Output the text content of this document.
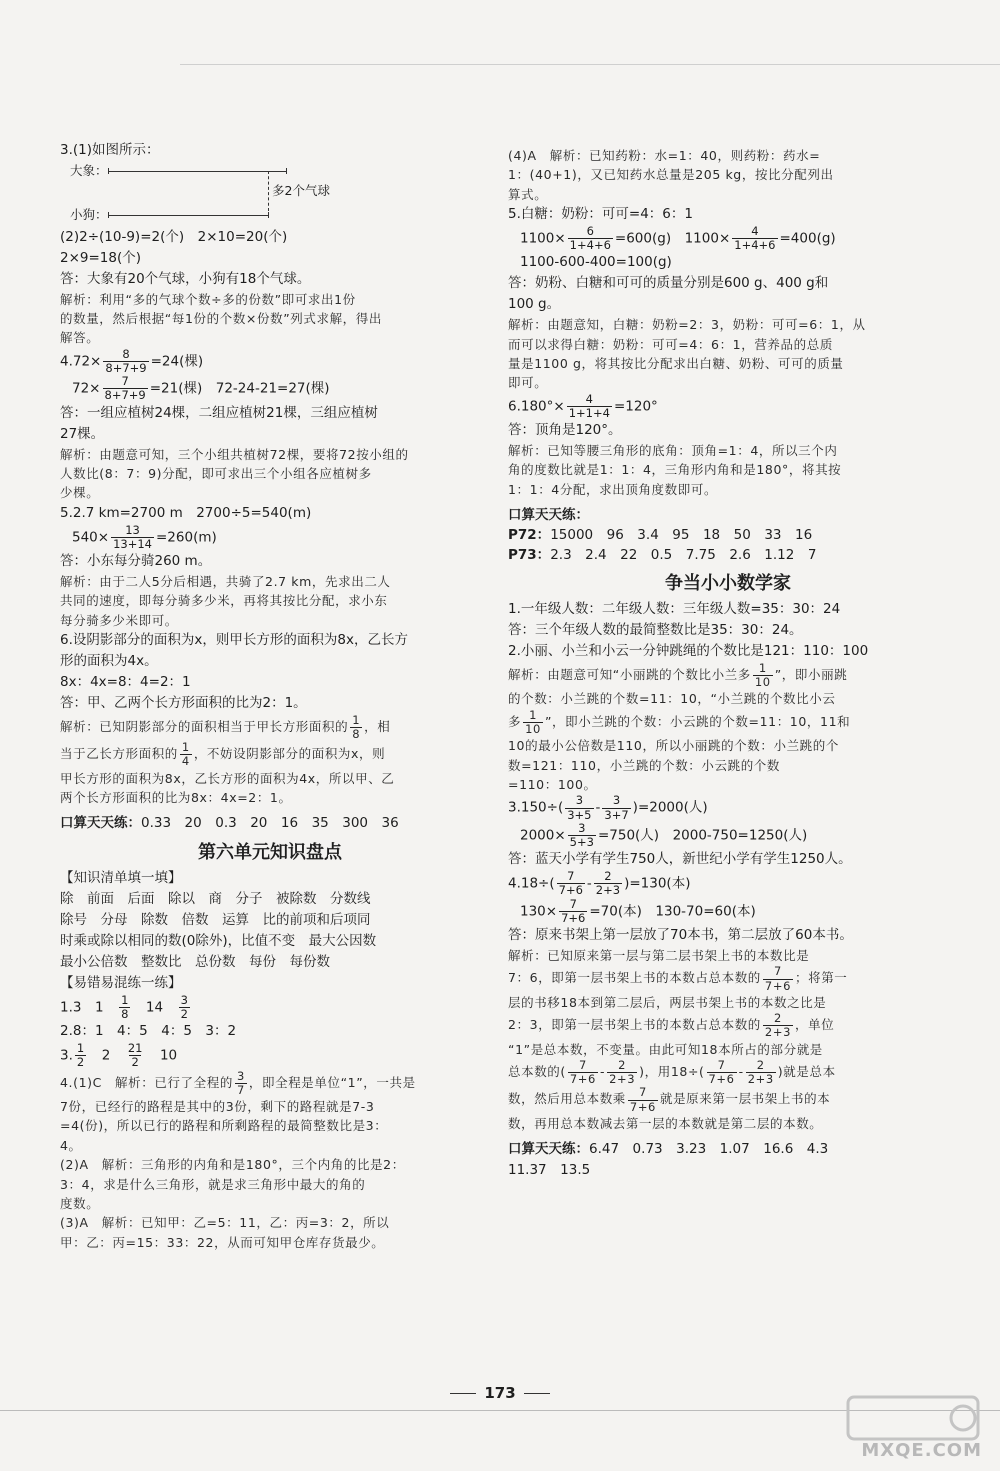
3.(1)如图所示：

大象：
多2个气球
小狗：

(2)2÷(10-9)=2(个)　2×10=20(个)

2×9=18(个)

答：大象有20个气球，小狗有18个气球。

解析：利用“多的气球个数÷多的份数”即可求出1份

的数量，然后根据“每1份的个数×份数”列式求解，得出

解答。

$4.72\times \frac{8}{8+7+9} =24$(棵)

$72\times \frac{7}{8+7+9} =21$(棵)　72-24-21=27(棵)

答：一组应植树24棵，二组应植树21棵，三组应植树

27棵。

解析：由题意可知，三个小组共植树72棵，要将72按小组的

人数比(8：7：9)分配，即可求出三个小组各应植树多

少棵。

5.2.7 km=2700 m　2700÷5=540(m)

$540\times \frac{13}{13+14} =260(m)$

答：小东每分骑260 m。

解析：由于二人5分后相遇，共骑了2.7 km，先求出二人

共同的速度，即每分骑多少米，再将其按比分配，求小东

每分骑多少米即可。

6.设阴影部分的面积为x，则甲长方形的面积为8x，乙长方

形的面积为4x。

8x：4x=8：4=2：1

答：甲、乙两个长方形面积的比为2：1。

解析：已知阴影部分的面积相当于甲长方形面积的 $\frac{1}{8}$ ，相

当于乙长方形面积的 $\frac{1}{4}$ ，不妨设阴影部分的面积为x，则

甲长方形的面积为8x，乙长方形的面积为4x，所以甲、乙

两个长方形面积的比为8x：4x=2：1。

口算天天练：0.33　20　0.3　20　16　35　300　36

第六单元知识盘点

【知识清单填一填】

除　前面　后面　除以　商　分子　被除数　分数线

除号　分母　除数　倍数　运算　比的前项和后项同

时乘或除以相同的数(0除外)，比值不变　最大公因数

最小公倍数　整数比　总份数　每份　每份数

【易错易混练一练】

1.3　1　 $\frac{1}{8}$
　 14　 $\frac{3}{2}$

2.8：1　4：5　4：5　3：2

3. $\frac{1}{2}$
　 2　 $\frac{21}{2}$
　 10

4.(1)C　解析：已行了全程的 $\frac{3}{7}$ ，即全程是单位“1”，一共是

7份，已经行的路程是其中的3份，剩下的路程就是7-3

=4(份)，所以已行的路程和所剩路程的最简整数比是3：

4。

(2)A　解析：三角形的内角和是180°，三个内角的比是2：

3：4，求是什么三角形，就是求三角形中最大的角的

度数。

(3)A　解析：已知甲：乙=5：11，乙：丙=3：2，所以

甲：乙：丙=15：33：22，从而可知甲仓库存货最少。

(4)A　解析：已知药粉：水=1：40，则药粉：药水=

1：(40+1)，又已知药水总量是205 kg，按比分配列出

算式。

5.白糖：奶粉：可可=4：6：1

$1100\times \frac{6}{1+4+6} =600(g)$　$1100\times \frac{4}{1+4+6} =400(g)$

1100-600-400=100(g)

答：奶粉、白糖和可可的质量分别是600 g、400 g和

100 g。

解析：由题意知，白糖：奶粉=2：3，奶粉：可可=6：1，从

而可以求得白糖：奶粉：可可=4：6：1，营养品的总质

量是1100 g，将其按比分配求出白糖、奶粉、可可的质量

即可。

$6.180^\circ\times \frac{4}{1+1+4} =120^\circ$

答：顶角是120°。

解析：已知等腰三角形的底角：顶角=1：4，所以三个内

角的度数比就是1：1：4，三角形内角和是180°，将其按

1：1：4分配，求出顶角度数即可。

口算天天练：

P72：15000　96　3.4　95　18　50　33　16

P73：2.3　2.4　22　0.5　7.75　2.6　1.12　7

争当小小数学家

1.一年级人数：二年级人数：三年级人数=35：30：24

答：三个年级人数的最简整数比是35：30：24。

2.小丽、小兰和小云一分钟跳绳的个数比是121：110：100

解析：由题意可知“小丽跳的个数比小兰多 $\frac{1}{10}$ ”，即小丽跳

的个数：小兰跳的个数=11：10，“小兰跳的个数比小云

多 $\frac{1}{10}$ ”，即小兰跳的个数：小云跳的个数=11：10，11和

10的最小公倍数是110，所以小丽跳的个数：小兰跳的个

数=121：110，小兰跳的个数：小云跳的个数

=110：100。

$3.150\div( \frac{3}{3+5} - \frac{3}{3+7} )=2000$(人)

$2000\times \frac{3}{5+3} =750$(人)　2000-750=1250(人)

答：蓝天小学有学生750人，新世纪小学有学生1250人。

$4.18\div( \frac{7}{7+6} - \frac{2}{2+3} )=130$(本)

$130\times \frac{7}{7+6} =70$(本)　130-70=60(本)

答：原来书架上第一层放了70本书，第二层放了60本书。

解析：已知原来第一层与第二层书架上书的本数比是

7：6，即第一层书架上书的本数占总本数的 $\frac{7}{7+6}$ ；将第一

层的书移18本到第二层后，两层书架上书的本数之比是

2：3，即第一层书架上书的本数占总本数的 $\frac{2}{2+3}$ ，单位

“1”是总本数，不变量。由此可知18本所占的部分就是

总本数的( $\frac{7}{7+6} - \frac{2}{2+3}$ )，用$18\div( \frac{7}{7+6} - \frac{2}{2+3}$ )就是总本

数，然后用总本数乘 $\frac{7}{7+6}$ 就是原来第一层书架上书的本

数，再用总本数减去第一层的本数就是第二层的本数。

口算天天练：6.47　0.73　3.23　1.07　16.6　4.3

11.37　13.5

173
MXQE.COM
